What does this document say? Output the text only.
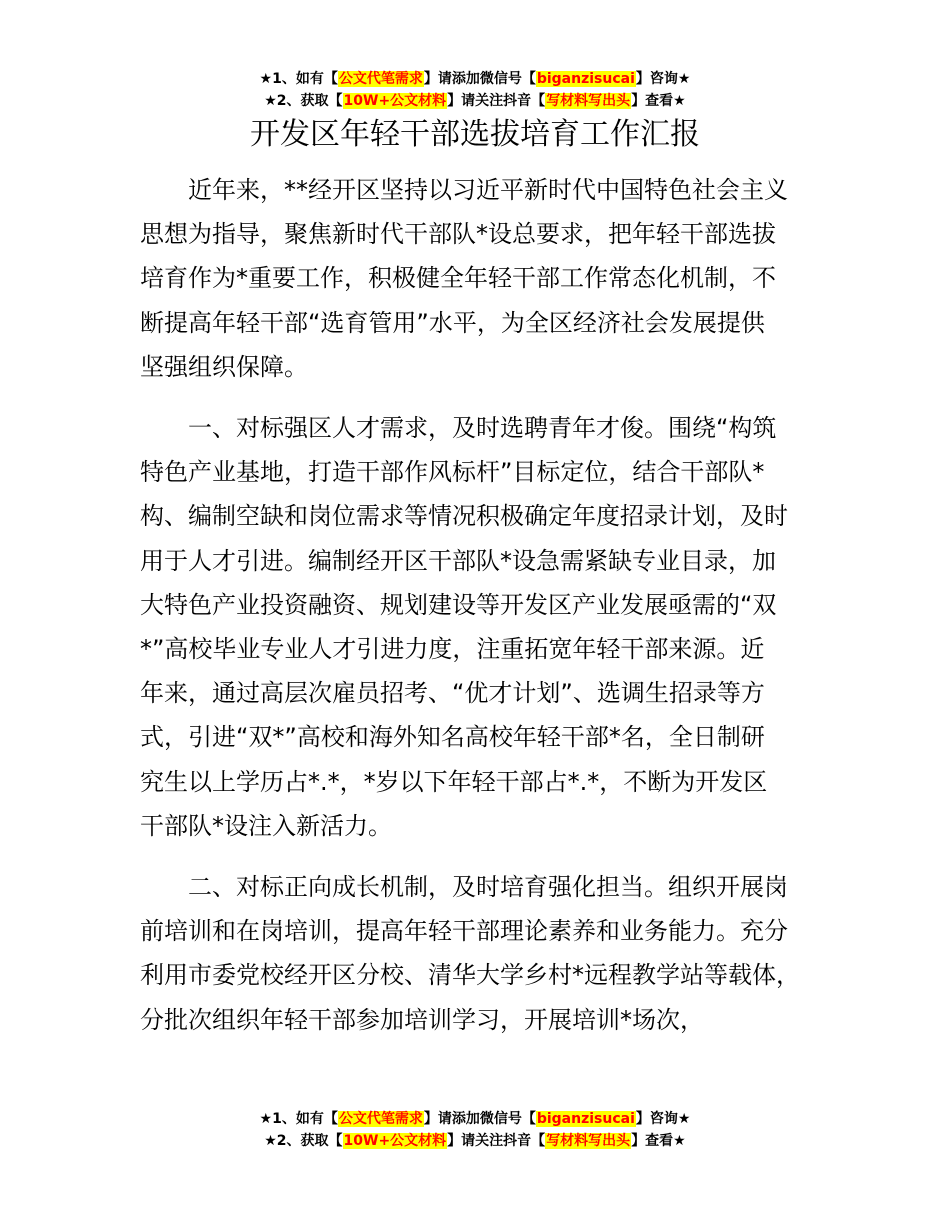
★1、如有【公文代笔需求】请添加微信号【biganzisucai】咨询★
★2、获取【10W+公文材料】请关注抖音【写材料写出头】查看★
开发区年轻干部选拔培育工作汇报
近年来，**经开区坚持以习近平新时代中国特色社会主义
思想为指导，聚焦新时代干部队*设总要求，把年轻干部选拔
培育作为*重要工作，积极健全年轻干部工作常态化机制，不
断提高年轻干部“选育管用”水平，为全区经济社会发展提供
坚强组织保障。
一、对标强区人才需求，及时选聘青年才俊。围绕“构筑
特色产业基地，打造干部作风标杆”目标定位，结合干部队*
构、编制空缺和岗位需求等情况积极确定年度招录计划，及时
用于人才引进。编制经开区干部队*设急需紧缺专业目录，加
大特色产业投资融资、规划建设等开发区产业发展亟需的“双
*”高校毕业专业人才引进力度，注重拓宽年轻干部来源。近
年来，通过高层次雇员招考、“优才计划”、选调生招录等方
式，引进“双*”高校和海外知名高校年轻干部*名，全日制研
究生以上学历占*.*，*岁以下年轻干部占*.*，不断为开发区
干部队*设注入新活力。
二、对标正向成长机制，及时培育强化担当。组织开展岗
前培训和在岗培训，提高年轻干部理论素养和业务能力。充分
利用市委党校经开区分校、清华大学乡村*远程教学站等载体，
分批次组织年轻干部参加培训学习，开展培训*场次，
★1、如有【公文代笔需求】请添加微信号【biganzisucai】咨询★
★2、获取【10W+公文材料】请关注抖音【写材料写出头】查看★
